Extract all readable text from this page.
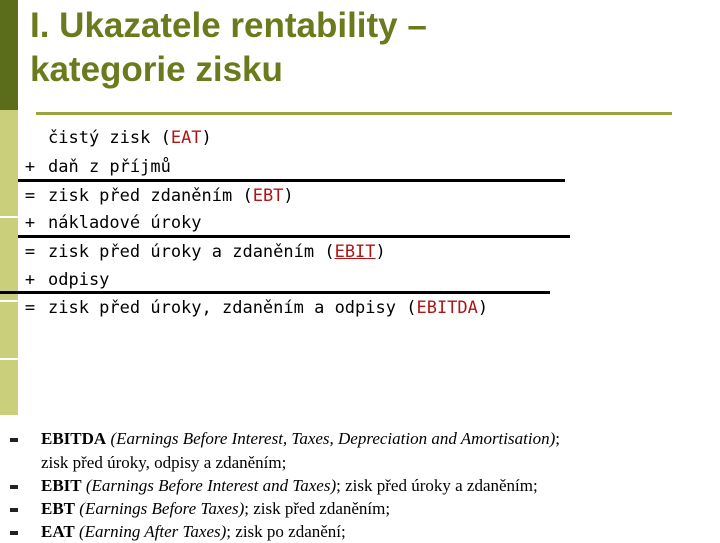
I. Ukazatele rentability –
kategorie zisku
čistý zisk (EAT)
+ daň z příjmů
= zisk před zdaněním (EBT)
+ nákladové úroky
= zisk před úroky a zdaněním (EBIT)
+ odpisy
= zisk před úroky, zdaněním a odpisy (EBITDA)
EBITDA (Earnings Before Interest, Taxes, Depreciation and Amortisation);
zisk před úroky, odpisy a zdaněním;
EBIT (Earnings Before Interest and Taxes); zisk před úroky a zdaněním;
EBT (Earnings Before Taxes); zisk před zdaněním;
EAT (Earning After Taxes); zisk po zdanění;
